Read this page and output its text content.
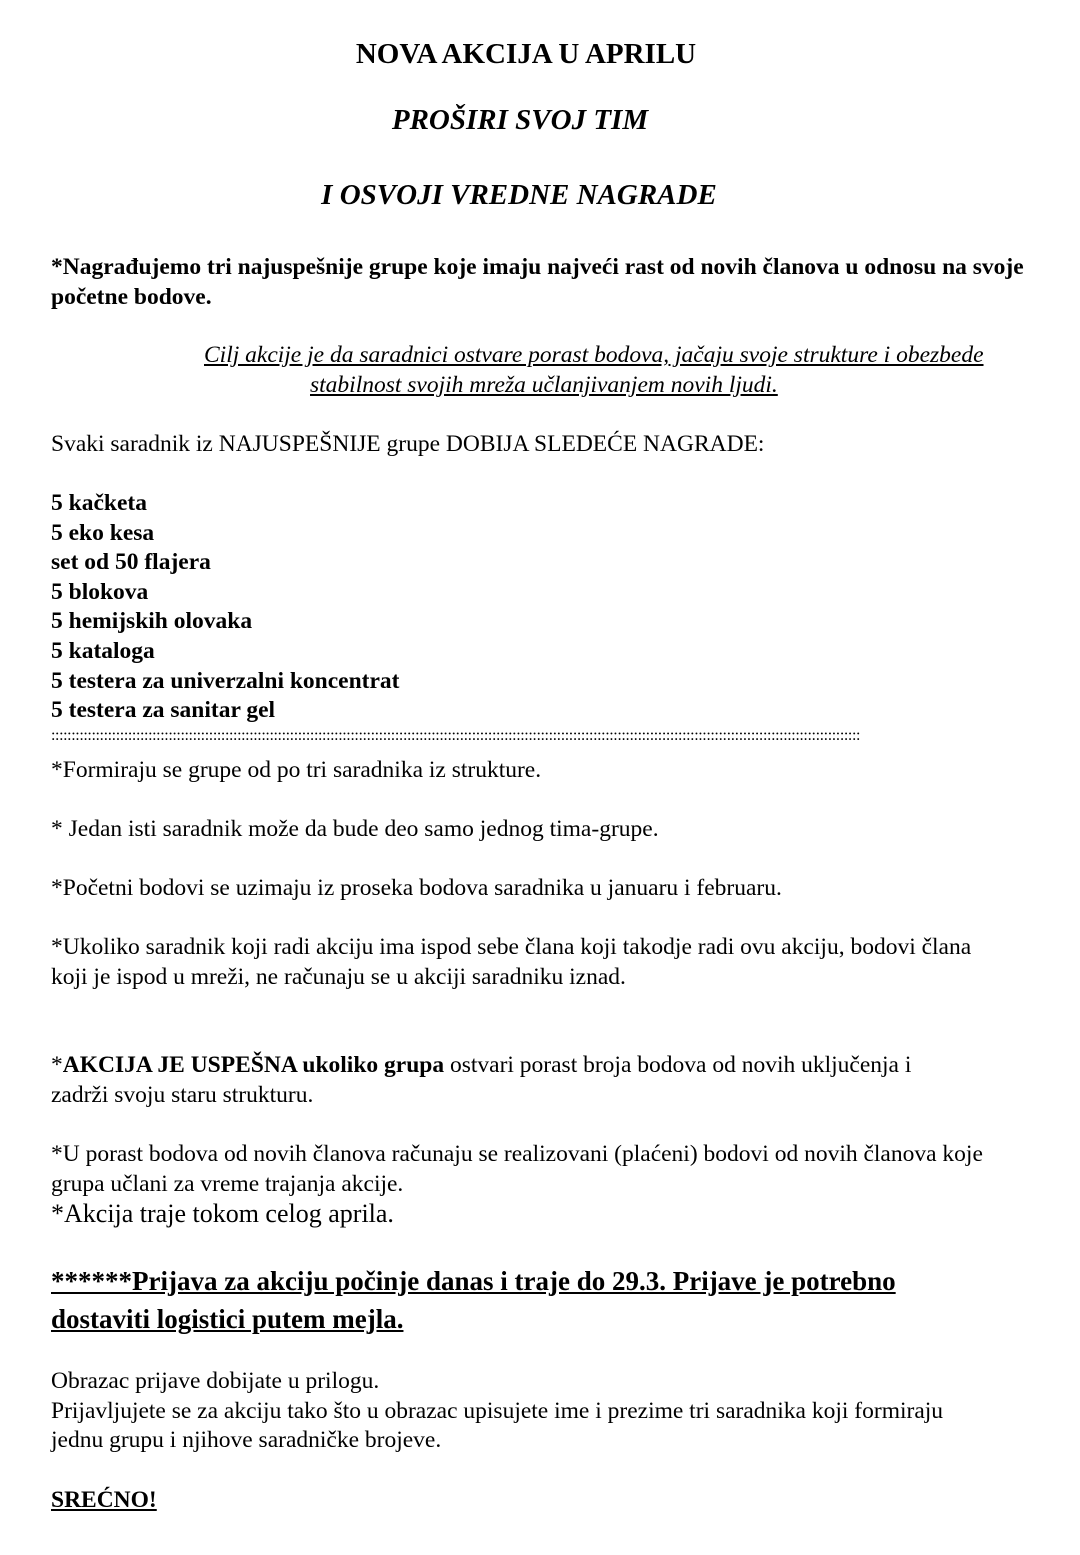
NOVA AKCIJA U APRILU
PROŠIRI SVOJ TIM
I OSVOJI VREDNE NAGRADE
*Nagrađujemo tri najuspešnije grupe koje imaju najveći rast od novih članova u odnosu na svoje
početne bodove.
Cilj akcije je da saradnici ostvare porast bodova, jačaju svoje strukture i obezbede
stabilnost svojih mreža učlanjivanjem novih ljudi.
Svaki saradnik iz NAJUSPEŠNIJE grupe DOBIJA SLEDEĆE NAGRADE:
5 kačketa
5 eko kesa
set od 50 flajera
5 blokova
5 hemijskih olovaka
5 kataloga
5 testera za univerzalni koncentrat
5 testera za sanitar gel
::::::::::::::::::::::::::::::::::::::::::::::::::::::::::::::::::::::::::::::::::::::::::::::::::::::::::::::::::::::::::::::::::::::::::::::::::::::::::::::::::::::::::::::::::::::::::::::::::::::::
*Formiraju se grupe od po tri saradnika iz strukture.
* Jedan isti saradnik može da bude deo samo jednog tima-grupe.
*Početni bodovi se uzimaju iz proseka bodova saradnika u januaru i februaru.
*Ukoliko saradnik koji radi akciju ima ispod sebe člana koji takodje radi ovu akciju, bodovi člana
koji je ispod u mreži, ne računaju se u akciji saradniku iznad.
*AKCIJA JE USPEŠNA ukoliko grupa ostvari porast broja bodova od novih uključenja i
zadrži svoju staru strukturu.
*U porast bodova od novih članova računaju se realizovani (plaćeni) bodovi od novih članova koje
grupa učlani za vreme trajanja akcije.
*Akcija traje tokom celog aprila.
******Prijava za akciju počinje danas i traje do 29.3. Prijave je potrebno
dostaviti logistici putem mejla.
Obrazac prijave dobijate u prilogu.
Prijavljujete se za akciju tako što u obrazac upisujete ime i prezime tri saradnika koji formiraju
jednu grupu i njihove saradničke brojeve.
SREĆNO!
